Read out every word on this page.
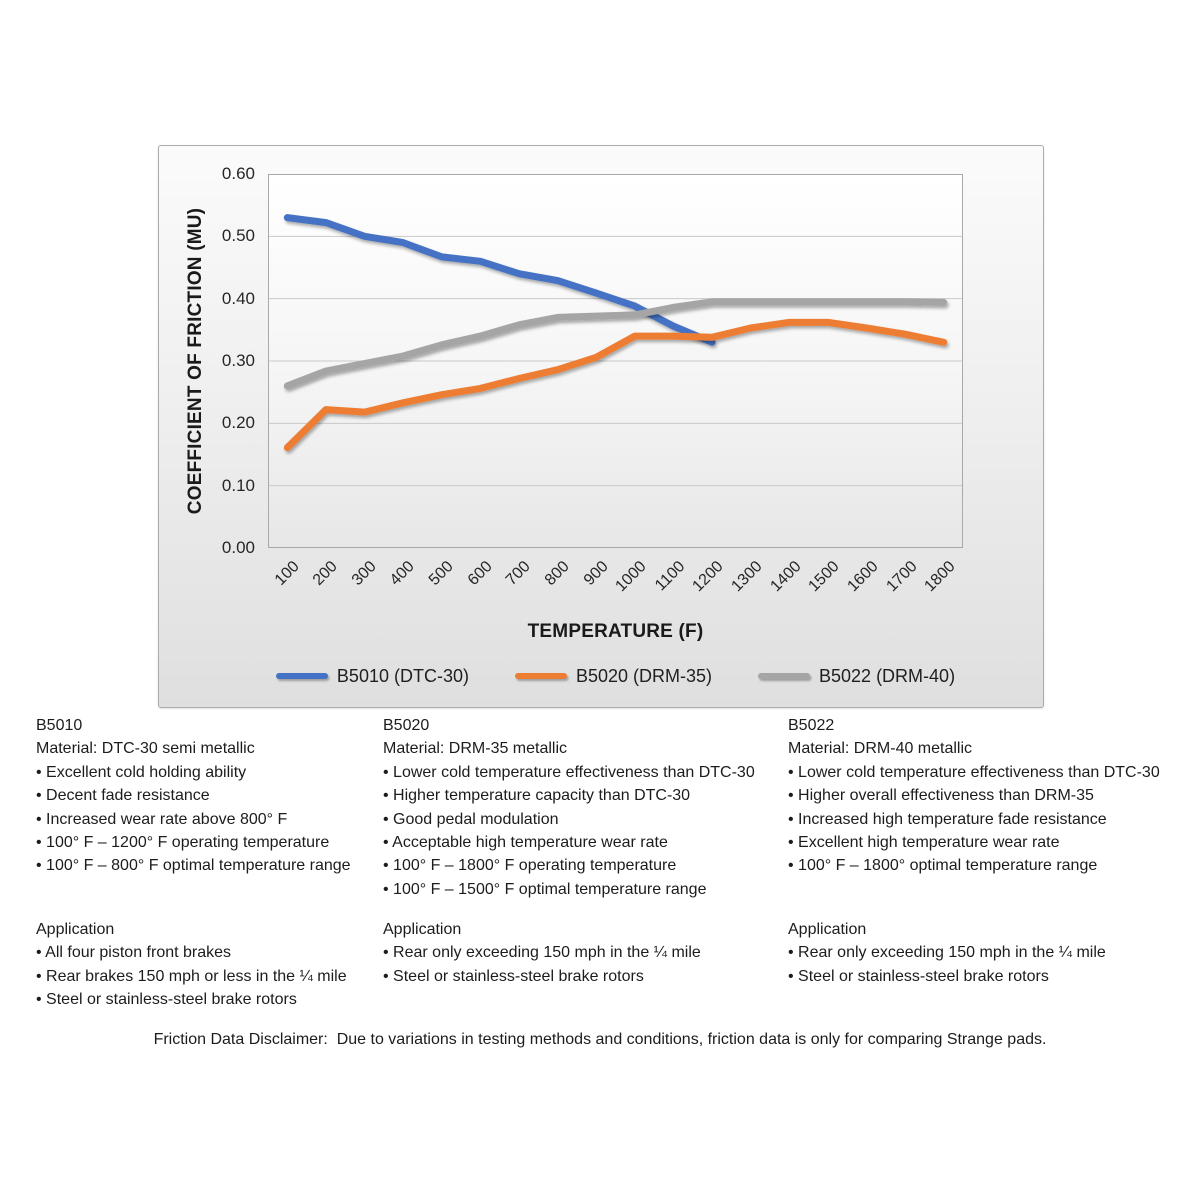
COEFFICIENT OF FRICTION (MU)
0.60
0.50
0.40
0.30
0.20
0.10
0.00
100 200 300 400 500 600 700 800 900 1000 1100 1200 1300 1400 1500 1600 1700 1800
TEMPERATURE (F)
B5010 (DTC-30)	B5020 (DRM-35)	B5022 (DRM-40)
B5010
Material: DTC-30 semi metallic
• Excellent cold holding ability
• Decent fade resistance
• Increased wear rate above 800° F
• 100° F – 1200° F operating temperature
• 100° F – 800° F optimal temperature range
Application
• All four piston front brakes
• Rear brakes 150 mph or less in the ¼ mile
• Steel or stainless-steel brake rotors
B5020
Material: DRM-35 metallic
• Lower cold temperature effectiveness than DTC-30
• Higher temperature capacity than DTC-30
• Good pedal modulation
• Acceptable high temperature wear rate
• 100° F – 1800° F operating temperature
• 100° F – 1500° F optimal temperature range
Application
• Rear only exceeding 150 mph in the ¼ mile
• Steel or stainless-steel brake rotors
B5022
Material: DRM-40 metallic
• Lower cold temperature effectiveness than DTC-30
• Higher overall effectiveness than DRM-35
• Increased high temperature fade resistance
• Excellent high temperature wear rate
• 100° F – 1800° optimal temperature range
Application
• Rear only exceeding 150 mph in the ¼ mile
• Steel or stainless-steel brake rotors
Friction Data Disclaimer:  Due to variations in testing methods and conditions, friction data is only for comparing Strange pads.
